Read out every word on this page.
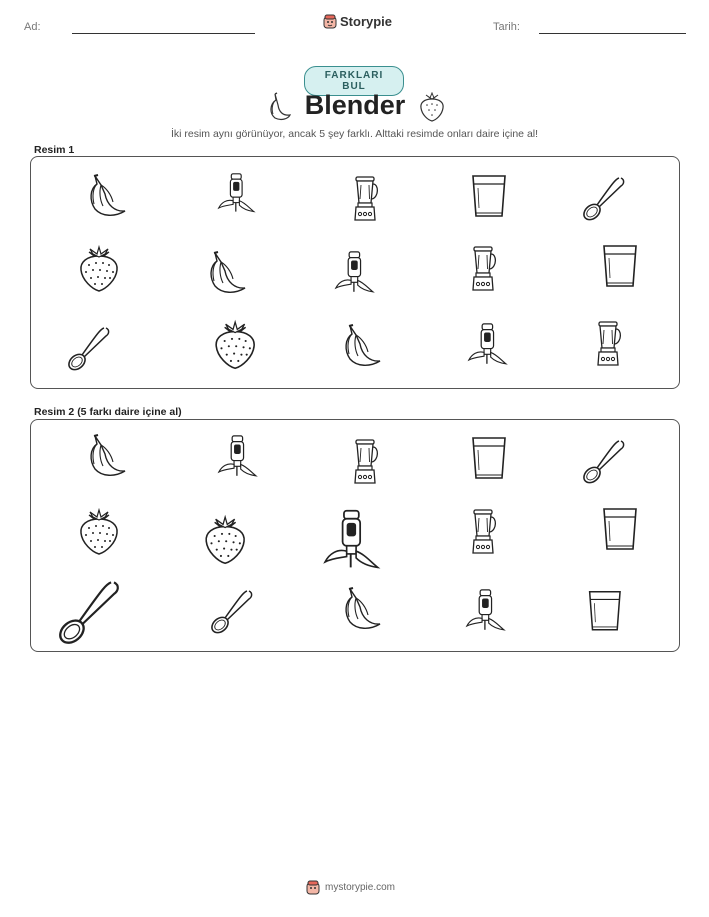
Ad:	Storypie	Tarih:
FARKLARI BUL
Blender
İki resim aynı görünüyor, ancak 5 şey farklı. Alttaki resimde onları daire içine al!
Resim 1
Resim 2 (5 farkı daire içine al)
mystorypie.com
